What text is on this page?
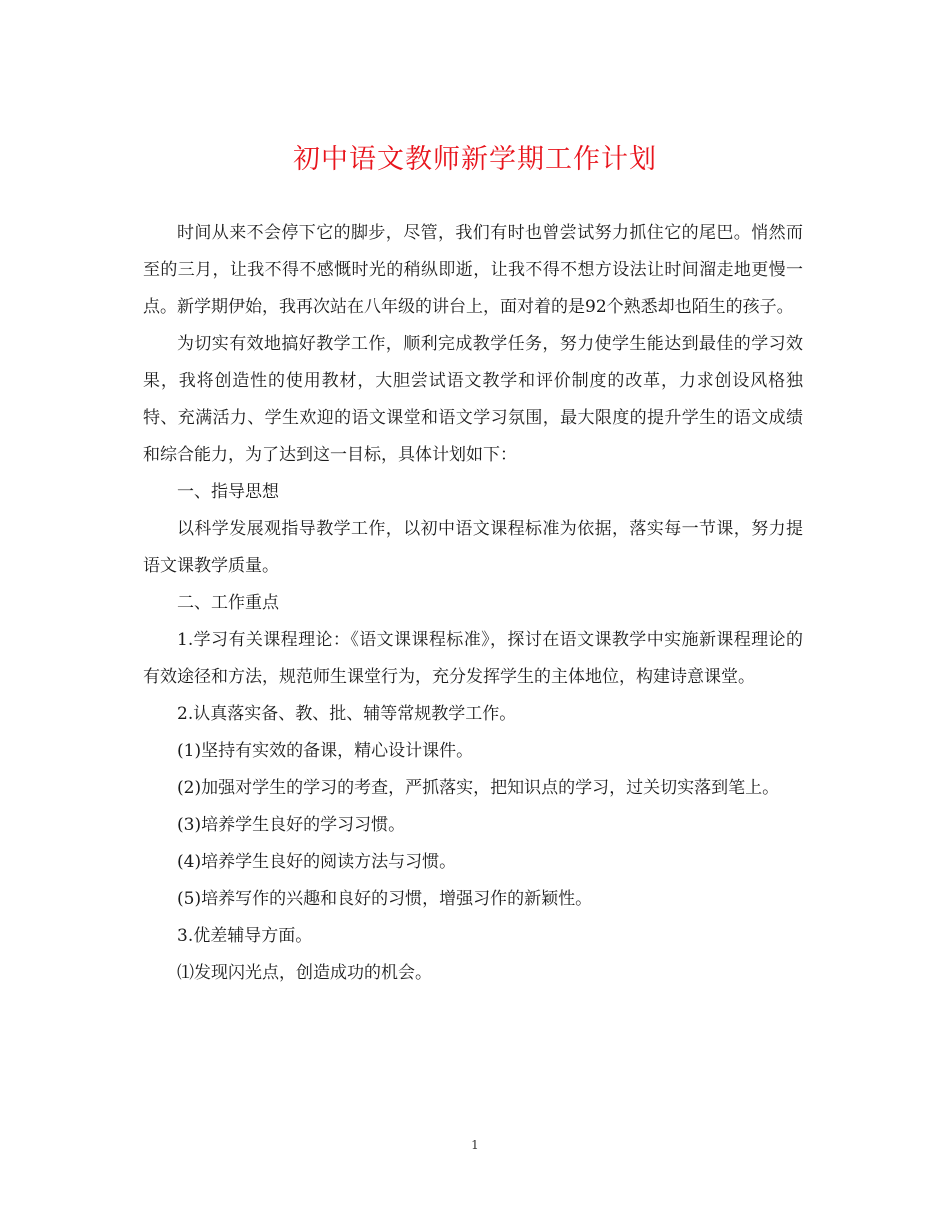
初中语文教师新学期工作计划

时间从来不会停下它的脚步，尽管，我们有时也曾尝试努力抓住它的尾巴。悄然而至的三月，让我不得不感慨时光的稍纵即逝，让我不得不想方设法让时间溜走地更慢一点。新学期伊始，我再次站在八年级的讲台上，面对着的是92个熟悉却也陌生的孩子。

为切实有效地搞好教学工作，顺利完成教学任务，努力使学生能达到最佳的学习效果，我将创造性的使用教材，大胆尝试语文教学和评价制度的改革，力求创设风格独特、充满活力、学生欢迎的语文课堂和语文学习氛围，最大限度的提升学生的语文成绩和综合能力，为了达到这一目标，具体计划如下：

一、指导思想

以科学发展观指导教学工作，以初中语文课程标准为依据，落实每一节课，努力提语文课教学质量。

二、工作重点

1.学习有关课程理论：《语文课课程标准》，探讨在语文课教学中实施新课程理论的有效途径和方法，规范师生课堂行为，充分发挥学生的主体地位，构建诗意课堂。

2.认真落实备、教、批、辅等常规教学工作。

(1)坚持有实效的备课，精心设计课件。

(2)加强对学生的学习的考查，严抓落实，把知识点的学习，过关切实落到笔上。

(3)培养学生良好的学习习惯。

(4)培养学生良好的阅读方法与习惯。

(5)培养写作的兴趣和良好的习惯，增强习作的新颖性。

3.优差辅导方面。

⑴发现闪光点，创造成功的机会。

1
